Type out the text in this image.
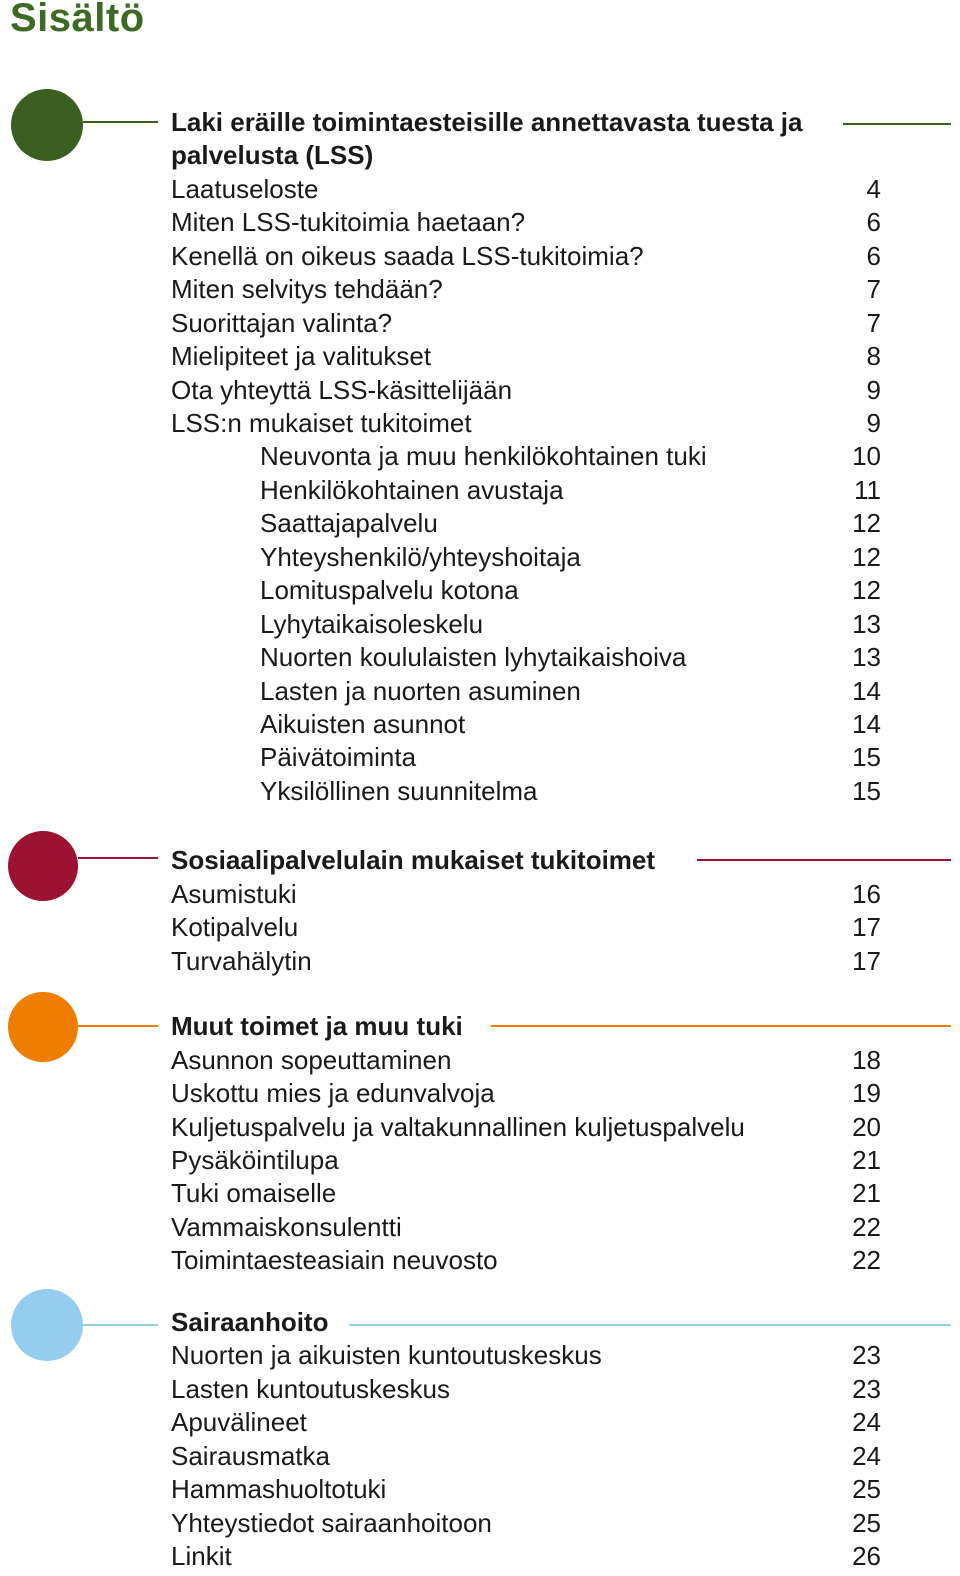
Sisältö
Laki eräille toimintaesteisille annettavasta tuesta ja
palvelusta (LSS)
Laatuseloste	4
Miten LSS-tukitoimia haetaan?	6
Kenellä on oikeus saada LSS-tukitoimia?	6
Miten selvitys tehdään?	7
Suorittajan valinta?	7
Mielipiteet ja valitukset	8
Ota yhteyttä LSS-käsittelijään	9
LSS:n mukaiset tukitoimet	9
Neuvonta ja muu henkilökohtainen tuki	10
Henkilökohtainen avustaja	11
Saattajapalvelu	12
Yhteyshenkilö/yhteyshoitaja	12
Lomituspalvelu kotona	12
Lyhytaikaisoleskelu	13
Nuorten koululaisten lyhytaikaishoiva	13
Lasten ja nuorten asuminen	14
Aikuisten asunnot	14
Päivätoiminta	15
Yksilöllinen suunnitelma	15
Sosiaalipalvelulain mukaiset tukitoimet
Asumistuki	16
Kotipalvelu	17
Turvahälytin	17
Muut toimet ja muu tuki
Asunnon sopeuttaminen	18
Uskottu mies ja edunvalvoja	19
Kuljetuspalvelu ja valtakunnallinen kuljetuspalvelu	20
Pysäköintilupa	21
Tuki omaiselle	21
Vammaiskonsulentti	22
Toimintaesteasiain neuvosto	22
Sairaanhoito
Nuorten ja aikuisten kuntoutuskeskus	23
Lasten kuntoutuskeskus	23
Apuvälineet	24
Sairausmatka	24
Hammashuoltotuki	25
Yhteystiedot sairaanhoitoon	25
Linkit	26
